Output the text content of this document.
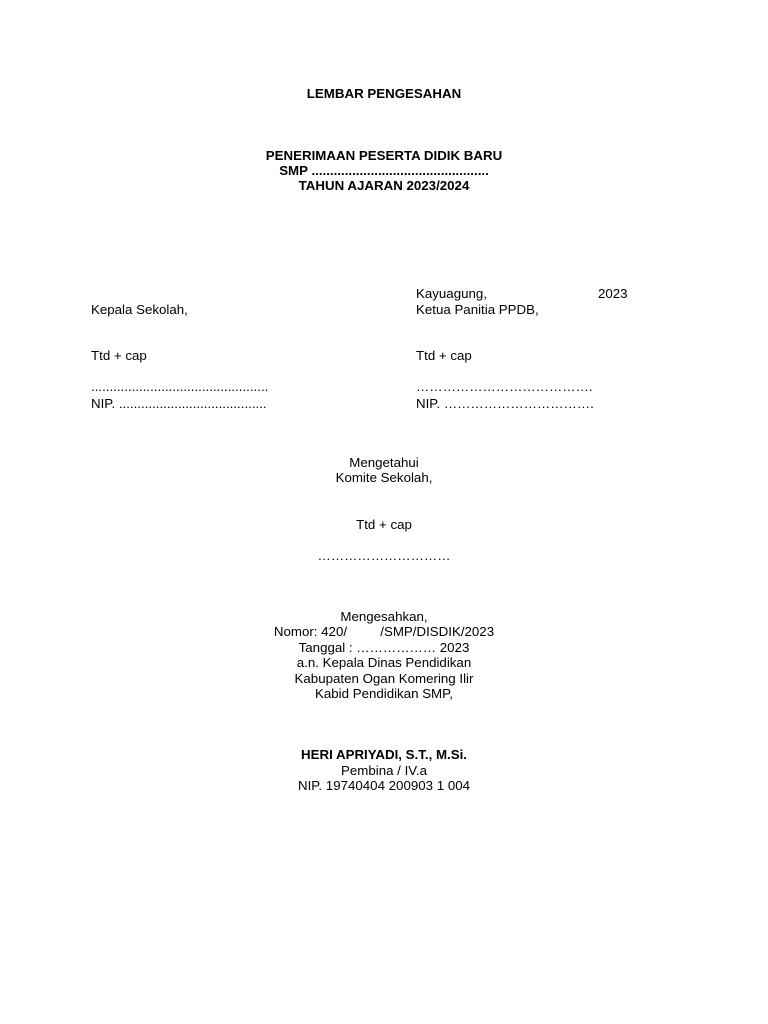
LEMBAR PENGESAHAN

PENERIMAAN PESERTA DIDIK BARU

SMP ................................................

TAHUN AJARAN 2023/2024

Kayuagung,	2023

Kepala Sekolah,

Ttd + cap

................................................

NIP. ........................................

Ketua Panitia PPDB,

Ttd + cap

………………………………….

NIP. …………………………….

Mengetahui

Komite Sekolah,

Ttd + cap

…………………………

Mengesahkan,

Nomor: 420/         /SMP/DISDIK/2023

Tanggal : ……………… 2023

a.n. Kepala Dinas Pendidikan

Kabupaten Ogan Komering Ilir

Kabid Pendidikan SMP,

HERI APRIYADI, S.T., M.Si.

Pembina / IV.a

NIP. 19740404 200903 1 004
